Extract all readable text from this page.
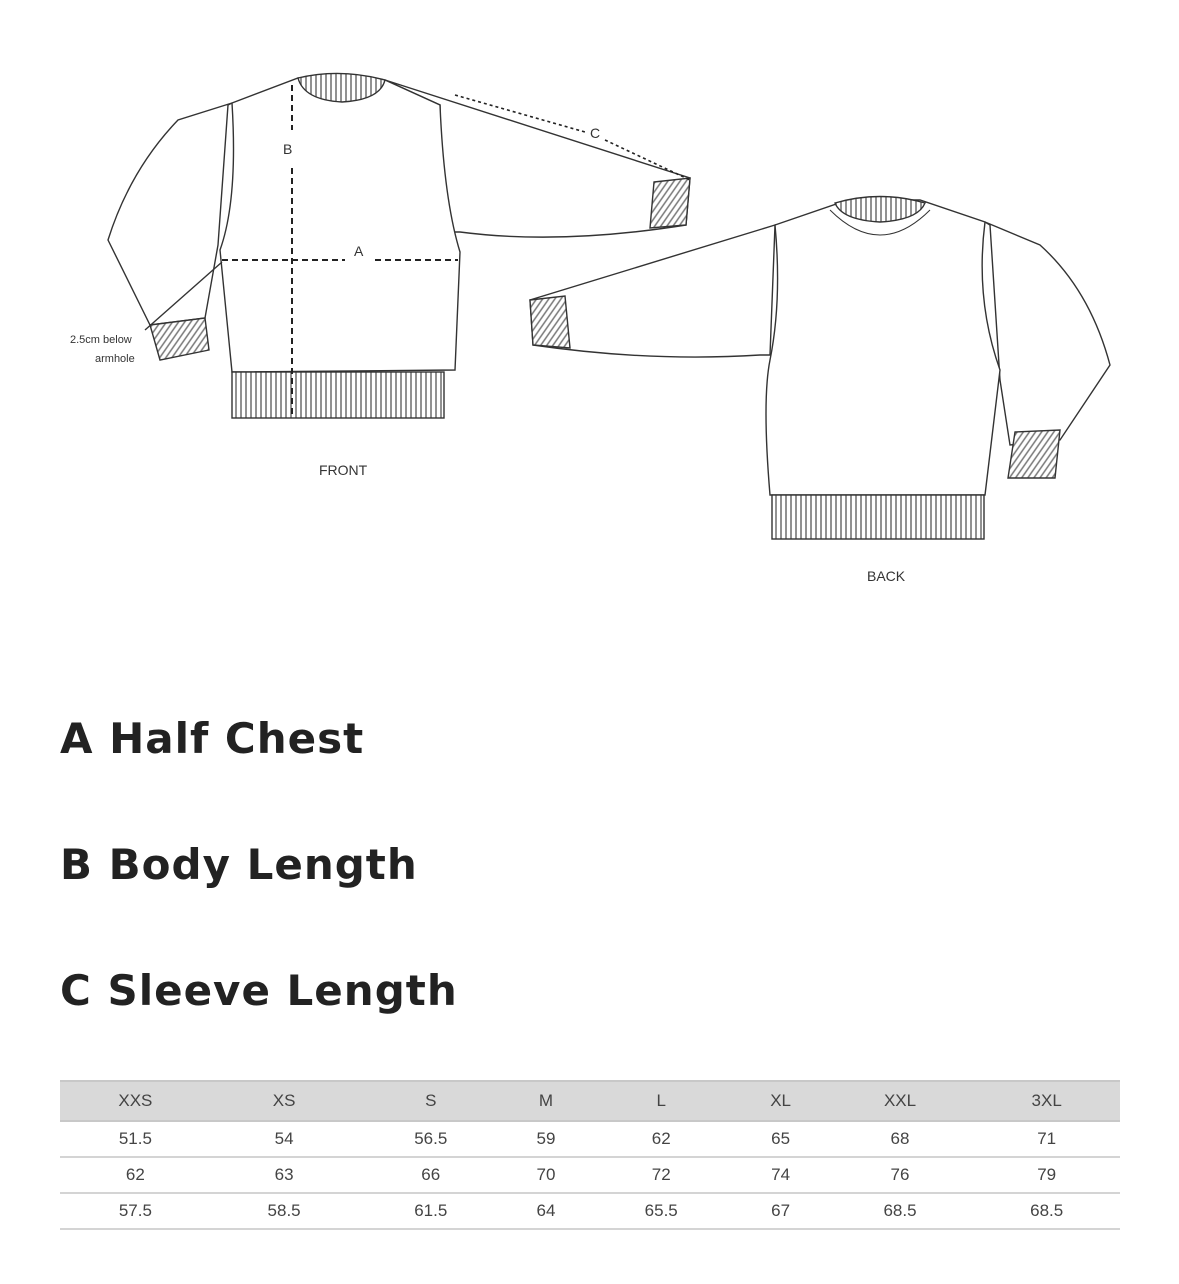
A
B
C
2.5cm below
armhole
FRONT
BACK
A Half Chest
B Body Length
C Sleeve Length
XXS	XS	S	M	L	XL	XXL	3XL
51.5	54	56.5	59	62	65	68	71
62	63	66	70	72	74	76	79
57.5	58.5	61.5	64	65.5	67	68.5	68.5
